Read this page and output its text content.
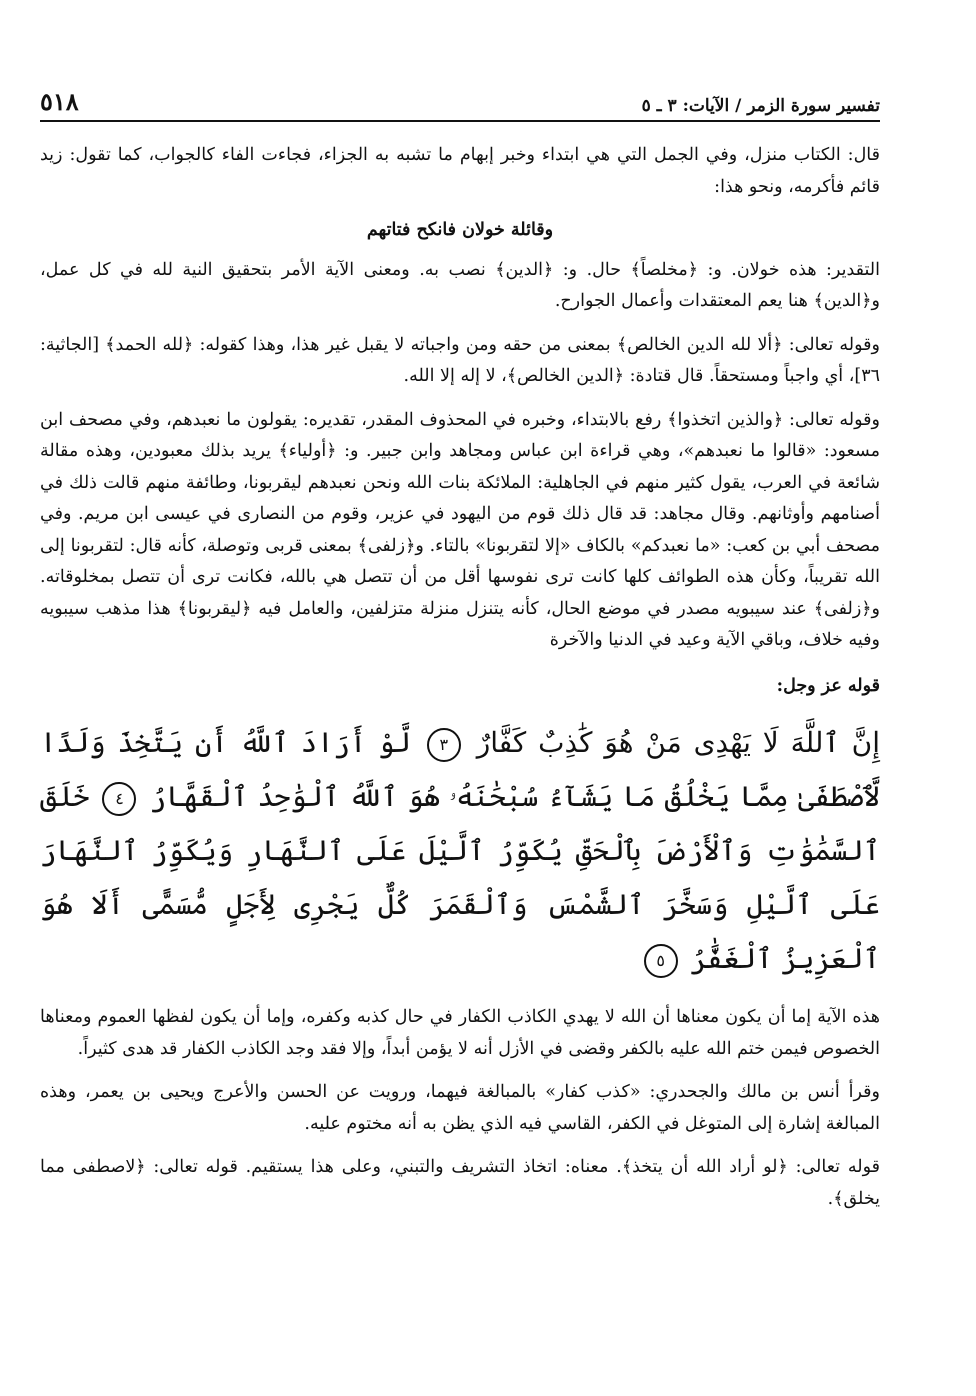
تفسير سورة الزمر / الآيات: ٣ ـ ٥
٥١٨

قال: الكتاب منزل، وفي الجمل التي هي ابتداء وخبر إبهام ما تشبه به الجزاء، فجاءت الفاء كالجواب، كما تقول: زيد قائم فأكرمه، ونحو هذا:

وقائلة خولان فانكح فتاتهم

التقدير: هذه خولان. و: ﴿مخلصاً﴾ حال. و: ﴿الدين﴾ نصب به. ومعنى الآية الأمر بتحقيق النية لله في كل عمل، و﴿الدين﴾ هنا يعم المعتقدات وأعمال الجوارح.

وقوله تعالى: ﴿ألا لله الدين الخالص﴾ بمعنى من حقه ومن واجباته لا يقبل غير هذا، وهذا كقوله: ﴿لله الحمد﴾ [الجاثية: ٣٦]، أي واجباً ومستحقاً. قال قتادة: ﴿الدين الخالص﴾، لا إله إلا الله.

وقوله تعالى: ﴿والذين اتخذوا﴾ رفع بالابتداء، وخبره في المحذوف المقدر، تقديره: يقولون ما نعبدهم، وفي مصحف ابن مسعود: «قالوا ما نعبدهم»، وهي قراءة ابن عباس ومجاهد وابن جبير. و: ﴿أولياء﴾ يريد بذلك معبودين، وهذه مقالة شائعة في العرب، يقول كثير منهم في الجاهلية: الملائكة بنات الله ونحن نعبدهم ليقربونا، وطائفة منهم قالت ذلك في أصنامهم وأوثانهم. وقال مجاهد: قد قال ذلك قوم من اليهود في عزير، وقوم من النصارى في عيسى ابن مريم. وفي مصحف أبي بن كعب: «ما نعبدكم» بالكاف «إلا لتقربونا» بالتاء. و﴿زلفى﴾ بمعنى قربى وتوصلة، كأنه قال: لتقربونا إلى الله تقريباً، وكأن هذه الطوائف كلها كانت ترى نفوسها أقل من أن تتصل هي بالله، فكانت ترى أن تتصل بمخلوقاته. و﴿زلفى﴾ عند سيبويه مصدر في موضع الحال، كأنه يتنزل منزلة متزلفين، والعامل فيه ﴿ليقربونا﴾ هذا مذهب سيبويه وفيه خلاف، وباقي الآية وعيد في الدنيا والآخرة

قوله عز وجل:

إِنَّ ٱللَّهَ لَا يَهْدِى مَنْ هُوَ كَٰذِبٌ كَفَّارٌ ٣ لَّوْ أَرَادَ ٱللَّهُ أَن يَتَّخِذَ وَلَدًا لَّٱصْطَفَىٰ مِمَّا يَخْلُقُ مَا يَشَآءُ سُبْحَٰنَهُۥ هُوَ ٱللَّهُ ٱلْوَٰحِدُ ٱلْقَهَّارُ ٤ خَلَقَ ٱلسَّمَٰوَٰتِ وَٱلْأَرْضَ بِٱلْحَقِّ يُكَوِّرُ ٱلَّيْلَ عَلَى ٱلنَّهَارِ وَيُكَوِّرُ ٱلنَّهَارَ عَلَى ٱلَّيْلِ وَسَخَّرَ ٱلشَّمْسَ وَٱلْقَمَرَ كُلٌّ يَجْرِى لِأَجَلٍ مُّسَمًّى أَلَا هُوَ ٱلْعَزِيزُ ٱلْغَفَّٰرُ ٥

هذه الآية إما أن يكون معناها أن الله لا يهدي الكاذب الكفار في حال كذبه وكفره، وإما أن يكون لفظها العموم ومعناها الخصوص فيمن ختم الله عليه بالكفر وقضى في الأزل أنه لا يؤمن أبداً، وإلا فقد وجد الكاذب الكفار قد هدى كثيراً.

وقرأ أنس بن مالك والجحدري: «كذب كفار» بالمبالغة فيهما، ورويت عن الحسن والأعرج ويحيى بن يعمر، وهذه المبالغة إشارة إلى المتوغل في الكفر، القاسي فيه الذي يظن به أنه مختوم عليه.

قوله تعالى: ﴿لو أراد الله أن يتخذ﴾. معناه: اتخاذ التشريف والتبني، وعلى هذا يستقيم. قوله تعالى: ﴿لاصطفى مما يخلق﴾.
